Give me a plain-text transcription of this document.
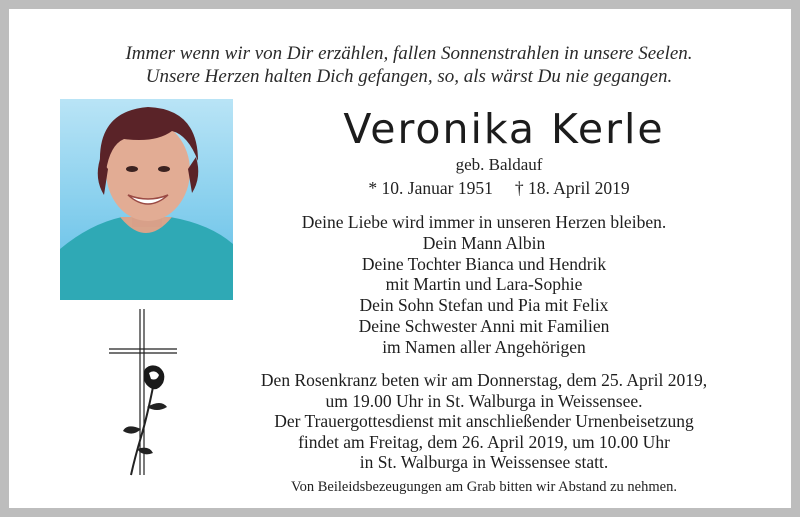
Immer wenn wir von Dir erzählen, fallen Sonnenstrahlen in unsere Seelen.
Unsere Herzen halten Dich gefangen, so, als wärst Du nie gegangen.
Veronika Kerle
geb. Baldauf
* 10. Januar 1951 † 18. April 2019
Deine Liebe wird immer in unseren Herzen bleiben.
Dein Mann Albin
Deine Tochter Bianca und Hendrik
mit Martin und Lara-Sophie
Dein Sohn Stefan und Pia mit Felix
Deine Schwester Anni mit Familien
im Namen aller Angehörigen
Den Rosenkranz beten wir am Donnerstag, dem 25. April 2019,
um 19.00 Uhr in St. Walburga in Weissensee.
Der Trauergottesdienst mit anschließender Urnenbeisetzung
findet am Freitag, dem 26. April 2019, um 10.00 Uhr
in St. Walburga in Weissensee statt.
Von Beileidsbezeugungen am Grab bitten wir Abstand zu nehmen.
